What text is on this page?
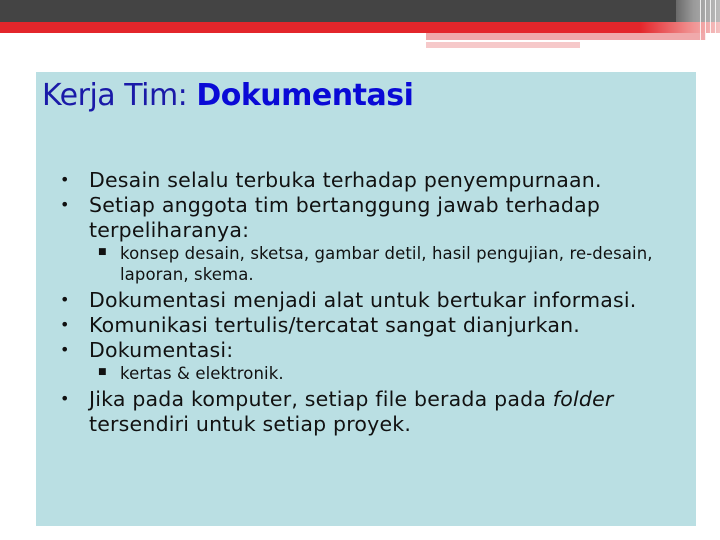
Kerja Tim: Dokumentasi
• Desain selalu terbuka terhadap penyempurnaan.
• Setiap anggota tim bertanggung jawab terhadap terpeliharanya:
■ konsep desain, sketsa, gambar detil, hasil pengujian, re-desain, laporan, skema.
• Dokumentasi menjadi alat untuk bertukar informasi.
• Komunikasi tertulis/tercatat sangat dianjurkan.
• Dokumentasi:
■ kertas & elektronik.
• Jika pada komputer, setiap file berada pada folder tersendiri untuk setiap proyek.
